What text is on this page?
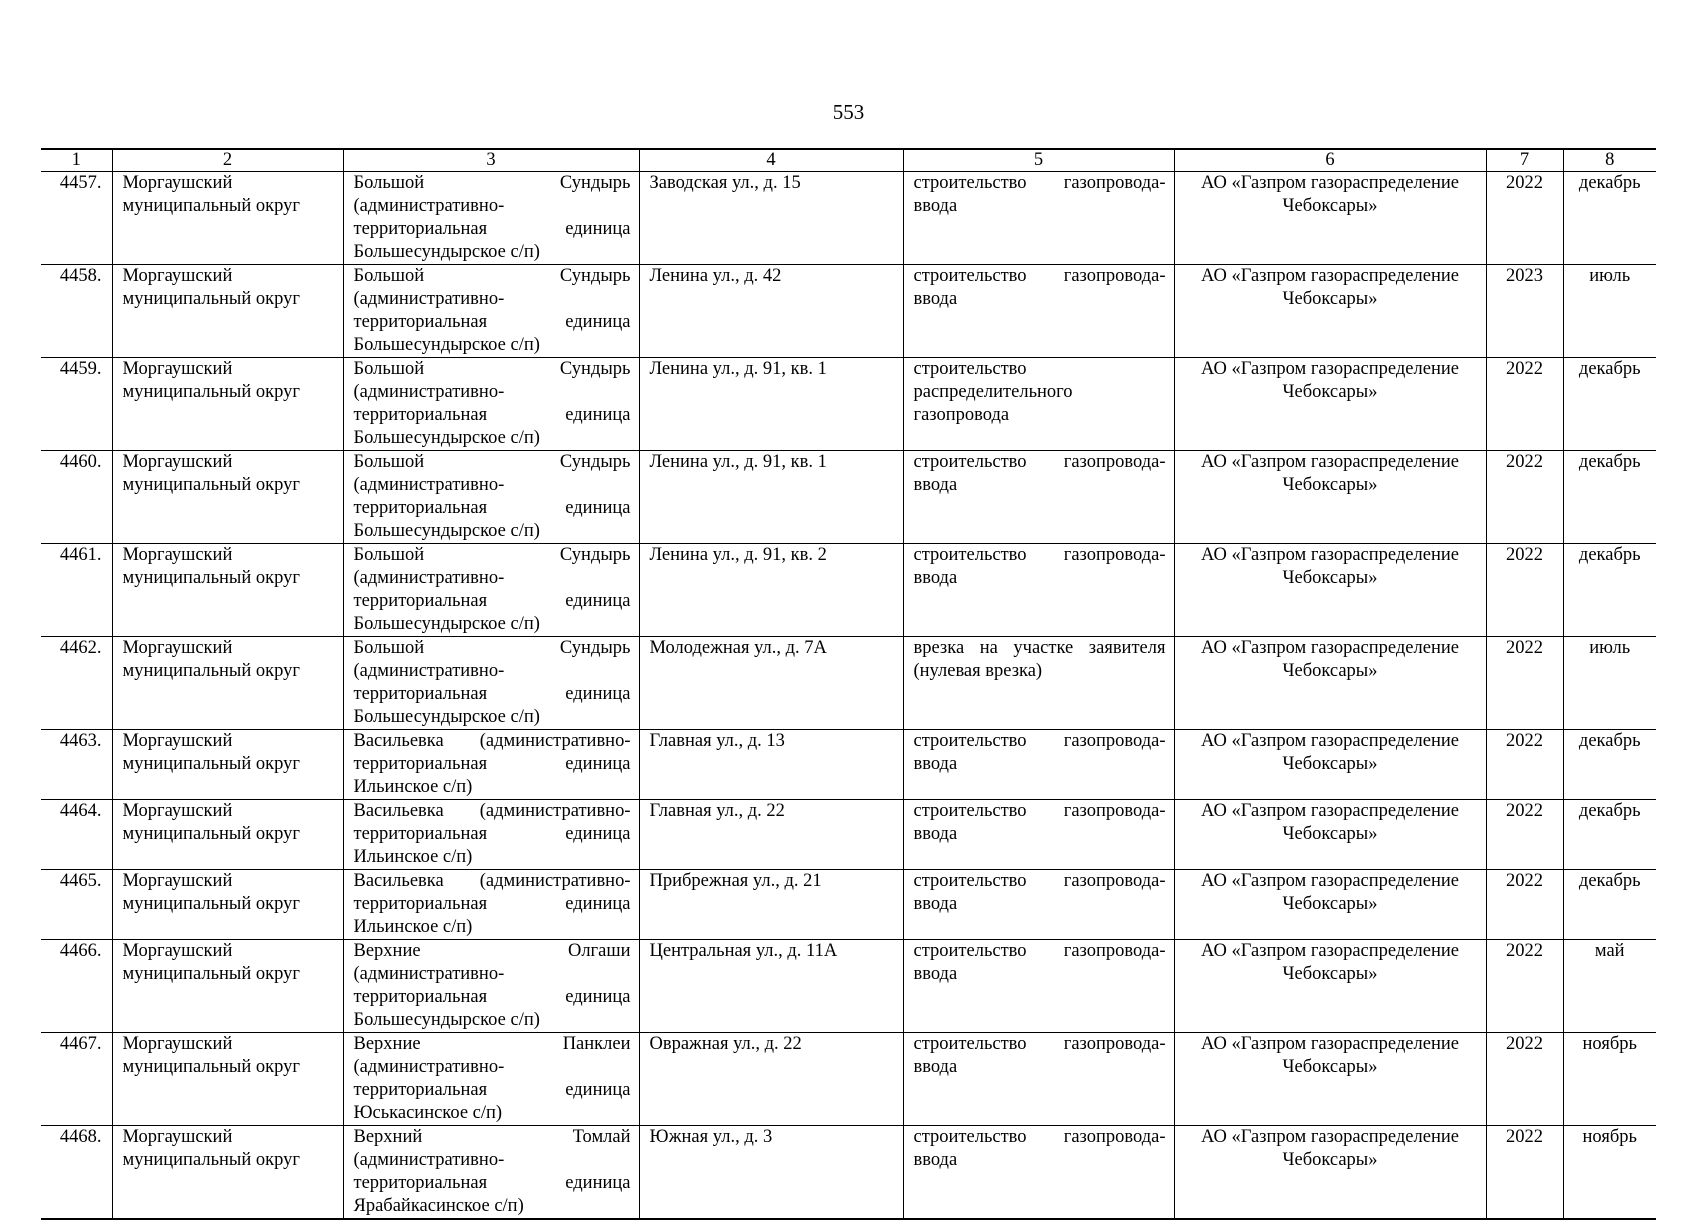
553
1	2	3	4	5	6	7	8
4457.	Моргаушский муниципальный округ	Большой Сундырь (административно-территориальная единица Большесундырское с/п)	Заводская ул., д. 15	строительство газопровода-ввода	АО «Газпром газораспределение Чебоксары»	2022	декабрь
4458.	Моргаушский муниципальный округ	Большой Сундырь (административно-территориальная единица Большесундырское с/п)	Ленина ул., д. 42	строительство газопровода-ввода	АО «Газпром газораспределение Чебоксары»	2023	июль
4459.	Моргаушский муниципальный округ	Большой Сундырь (административно-территориальная единица Большесундырское с/п)	Ленина ул., д. 91, кв. 1	строительство распределительного газопровода	АО «Газпром газораспределение Чебоксары»	2022	декабрь
4460.	Моргаушский муниципальный округ	Большой Сундырь (административно-территориальная единица Большесундырское с/п)	Ленина ул., д. 91, кв. 1	строительство газопровода-ввода	АО «Газпром газораспределение Чебоксары»	2022	декабрь
4461.	Моргаушский муниципальный округ	Большой Сундырь (административно-территориальная единица Большесундырское с/п)	Ленина ул., д. 91, кв. 2	строительство газопровода-ввода	АО «Газпром газораспределение Чебоксары»	2022	декабрь
4462.	Моргаушский муниципальный округ	Большой Сундырь (административно-территориальная единица Большесундырское с/п)	Молодежная ул., д. 7А	врезка на участке заявителя (нулевая врезка)	АО «Газпром газораспределение Чебоксары»	2022	июль
4463.	Моргаушский муниципальный округ	Васильевка (административно-территориальная единица Ильинское с/п)	Главная ул., д. 13	строительство газопровода-ввода	АО «Газпром газораспределение Чебоксары»	2022	декабрь
4464.	Моргаушский муниципальный округ	Васильевка (административно-территориальная единица Ильинское с/п)	Главная ул., д. 22	строительство газопровода-ввода	АО «Газпром газораспределение Чебоксары»	2022	декабрь
4465.	Моргаушский муниципальный округ	Васильевка (административно-территориальная единица Ильинское с/п)	Прибрежная ул., д. 21	строительство газопровода-ввода	АО «Газпром газораспределение Чебоксары»	2022	декабрь
4466.	Моргаушский муниципальный округ	Верхние Олгаши (административно-территориальная единица Большесундырское с/п)	Центральная ул., д. 11А	строительство газопровода-ввода	АО «Газпром газораспределение Чебоксары»	2022	май
4467.	Моргаушский муниципальный округ	Верхние Панклеи (административно-территориальная единица Юськасинское с/п)	Овражная ул., д. 22	строительство газопровода-ввода	АО «Газпром газораспределение Чебоксары»	2022	ноябрь
4468.	Моргаушский муниципальный округ	Верхний Томлай (административно-территориальная единица Ярабайкасинское с/п)	Южная ул., д. 3	строительство газопровода-ввода	АО «Газпром газораспределение Чебоксары»	2022	ноябрь
